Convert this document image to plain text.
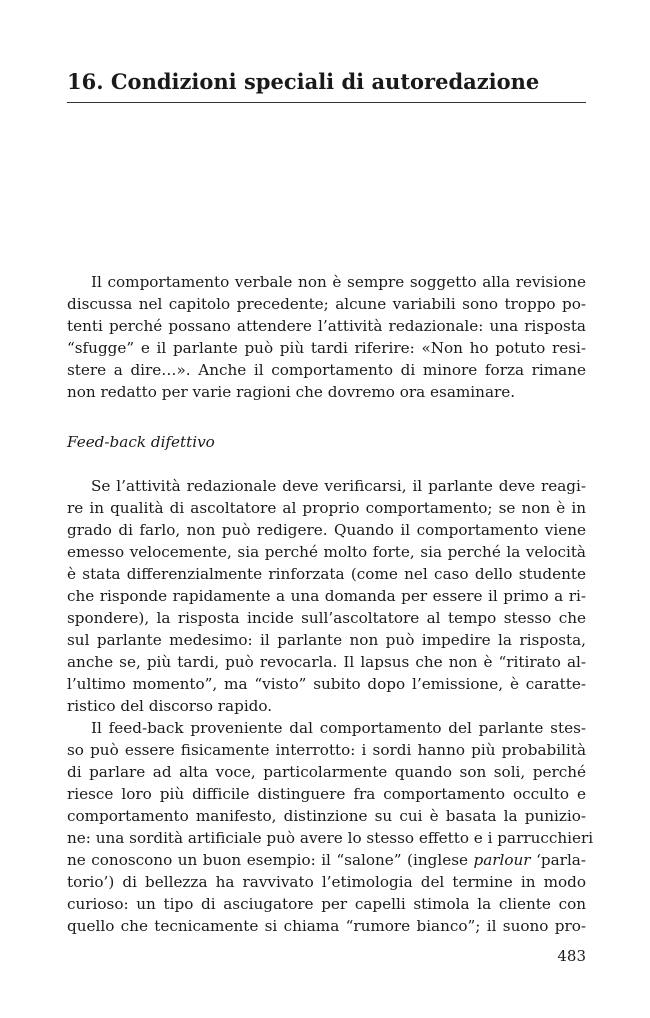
16. Condizioni speciali di autoredazione
Il comportamento verbale non è sempre soggetto alla revisione
discussa nel capitolo precedente; alcune variabili sono troppo po-
tenti perché possano attendere l’attività redazionale: una risposta
“sfugge” e il parlante può più tardi riferire: «Non ho potuto resi-
stere a dire…». Anche il comportamento di minore forza rimane
non redatto per varie ragioni che dovremo ora esaminare.
Feed-back difettivo
Se l’attività redazionale deve verificarsi, il parlante deve reagi-
re in qualità di ascoltatore al proprio comportamento; se non è in
grado di farlo, non può redigere. Quando il comportamento viene
emesso velocemente, sia perché molto forte, sia perché la velocità
è stata differenzialmente rinforzata (come nel caso dello studente
che risponde rapidamente a una domanda per essere il primo a ri-
spondere), la risposta incide sull’ascoltatore al tempo stesso che
sul parlante medesimo: il parlante non può impedire la risposta,
anche se, più tardi, può revocarla. Il lapsus che non è “ritirato al-
l’ultimo momento”, ma “visto” subito dopo l’emissione, è caratte-
ristico del discorso rapido.
Il feed-back proveniente dal comportamento del parlante stes-
so può essere fisicamente interrotto: i sordi hanno più probabilità
di parlare ad alta voce, particolarmente quando son soli, perché
riesce loro più difficile distinguere fra comportamento occulto e
comportamento manifesto, distinzione su cui è basata la punizio-
ne: una sordità artificiale può avere lo stesso effetto e i parrucchieri
ne conoscono un buon esempio: il “salone” (inglese parlour ‘parla-
torio’) di bellezza ha ravvivato l’etimologia del termine in modo
curioso: un tipo di asciugatore per capelli stimola la cliente con
quello che tecnicamente si chiama “rumore bianco”; il suono pro-
483
